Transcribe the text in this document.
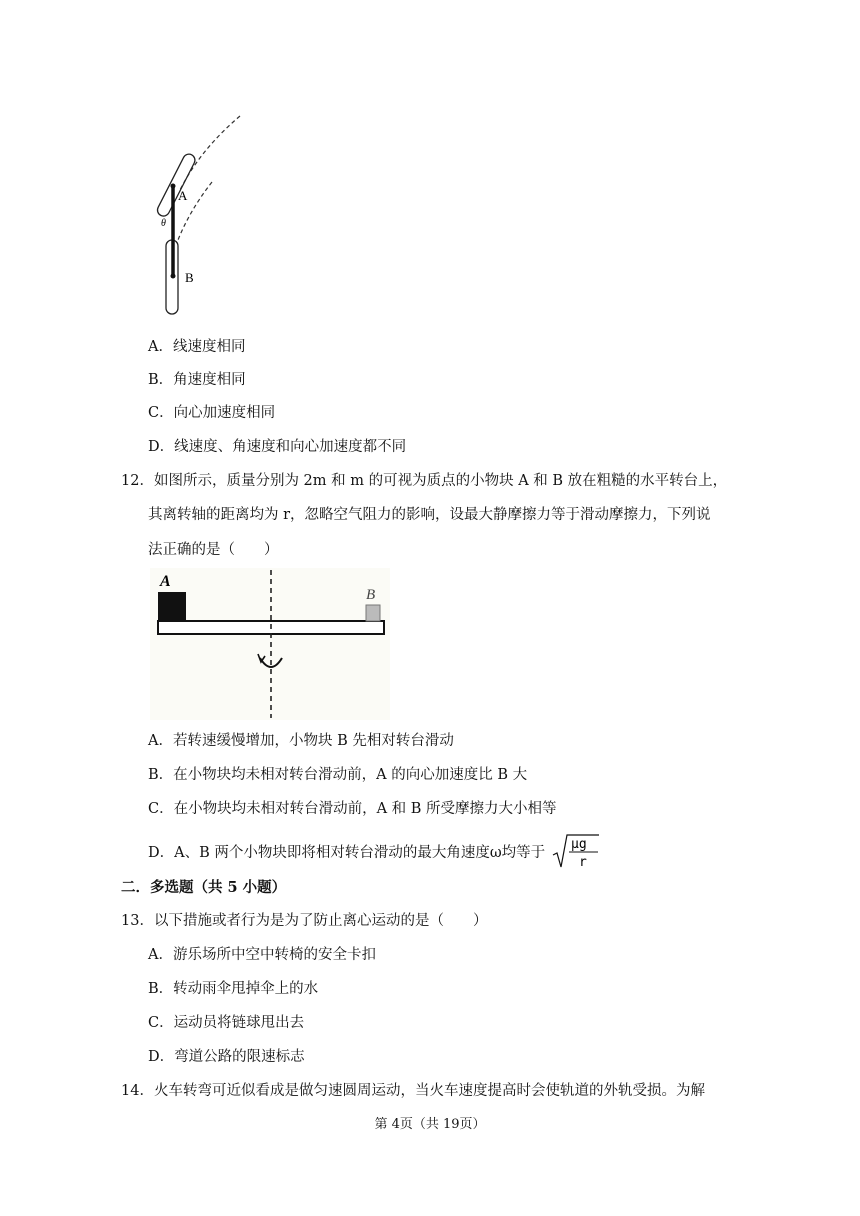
A
θ
B
A．线速度相同
B．角速度相同
C．向心加速度相同
D．线速度、角速度和向心加速度都不同
12．如图所示，质量分别为 2m 和 m 的可视为质点的小物块 A 和 B 放在粗糙的水平转台上，
其离转轴的距离均为 r，忽略空气阻力的影响，设最大静摩擦力等于滑动摩擦力，下列说
法正确的是（　　）
A
B
A．若转速缓慢增加，小物块 B 先相对转台滑动
B．在小物块均未相对转台滑动前，A 的向心加速度比 B 大
C．在小物块均未相对转台滑动前，A 和 B 所受摩擦力大小相等
D．A、B 两个小物块即将相对转台滑动的最大角速度ω均等于
μg
r
二．多选题（共 5 小题）
13．以下措施或者行为是为了防止离心运动的是（　　）
A．游乐场所中空中转椅的安全卡扣
B．转动雨伞甩掉伞上的水
C．运动员将链球甩出去
D．弯道公路的限速标志
14．火车转弯可近似看成是做匀速圆周运动，当火车速度提高时会使轨道的外轨受损。为解
第 4页（共 19页）
